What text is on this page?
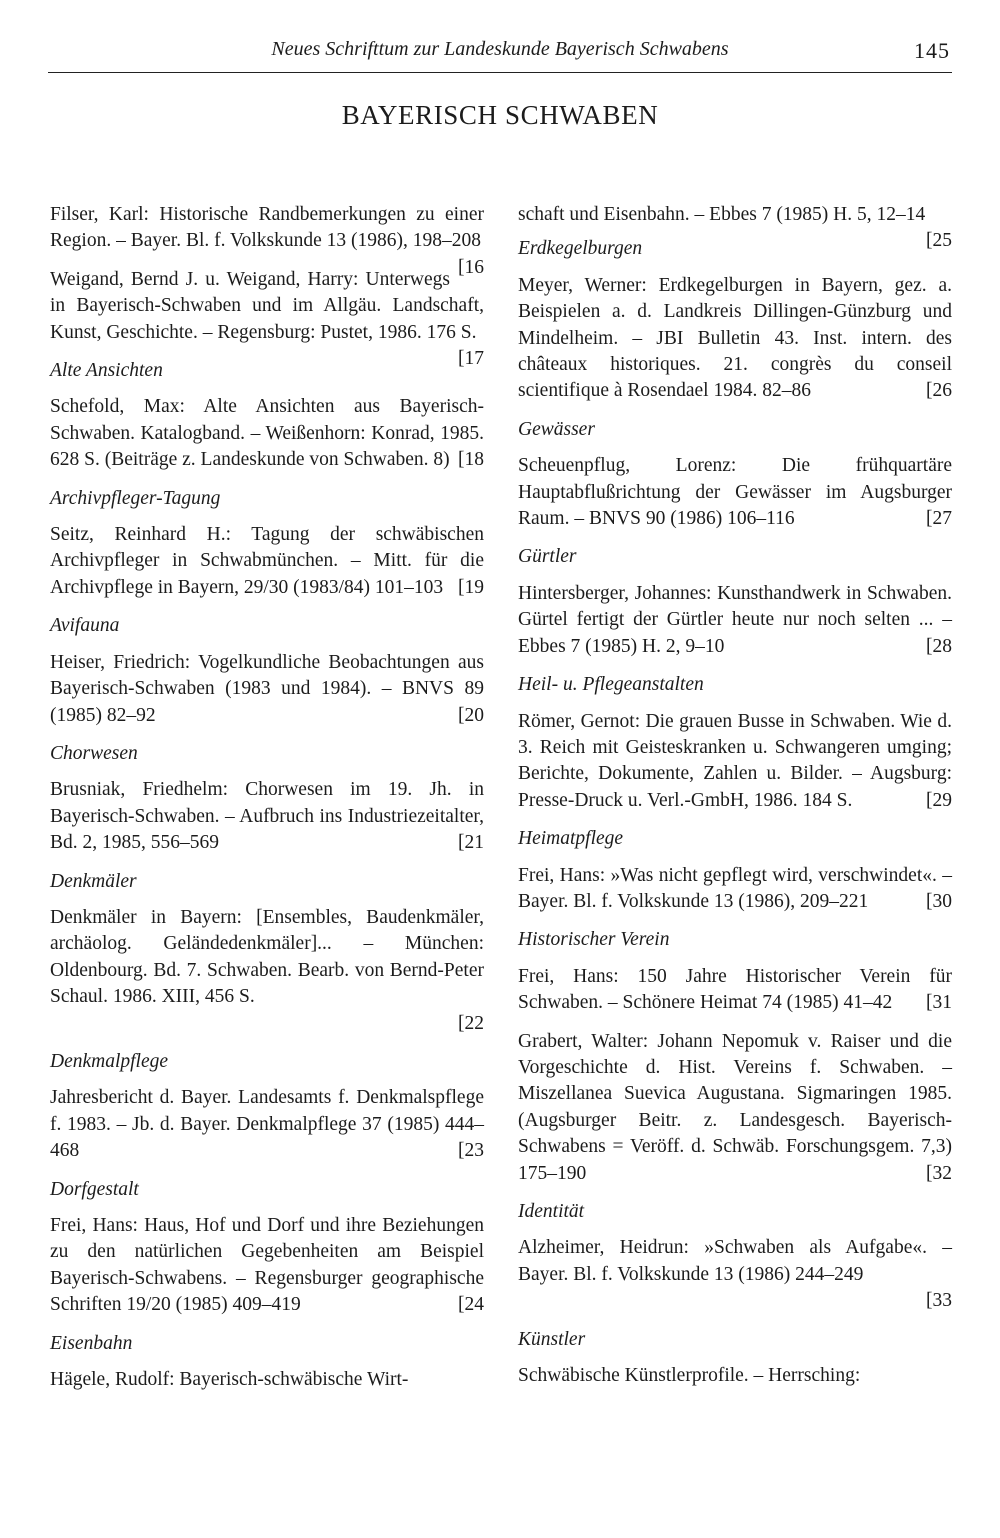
Neues Schrifttum zur Landeskunde Bayerisch Schwabens	145
BAYERISCH SCHWABEN
Filser, Karl: Historische Randbemerkungen zu einer Region. – Bayer. Bl. f. Volkskunde 13 (1986), 198–208
[ 16
Weigand, Bernd J. u. Weigand, Harry: Unterwegs in Bayerisch-Schwaben und im Allgäu. Landschaft, Kunst, Geschichte. – Regensburg: Pustet, 1986. 176 S.
[ 17
Alte Ansichten
Schefold, Max: Alte Ansichten aus Bayerisch-Schwaben. Katalogband. – Weißenhorn: Konrad, 1985. 628 S. (Beiträge z. Landeskunde von Schwaben. 8) [ 18
Archivpfleger-Tagung
Seitz, Reinhard H.: Tagung der schwäbischen Archivpfleger in Schwabmünchen. – Mitt. für die Archivpflege in Bayern, 29/30 (1983/84) 101–103	[ 19
Avifauna
Heiser, Friedrich: Vogelkundliche Beobachtungen aus Bayerisch-Schwaben (1983 und 1984). – BNVS 89 (1985) 82–92	[ 20
Chorwesen
Brusniak, Friedhelm: Chorwesen im 19. Jh. in Bayerisch-Schwaben. – Aufbruch ins Industriezeitalter, Bd. 2, 1985, 556–569	[ 21
Denkmäler
Denkmäler in Bayern: [Ensembles, Baudenkmäler, archäolog. Geländedenkmäler]... – München: Oldenbourg. Bd. 7. Schwaben. Bearb. von Bernd-Peter Schaul. 1986. XIII, 456 S.
[ 22
Denkmalpflege
Jahresbericht d. Bayer. Landesamts f. Denkmalspflege f. 1983. – Jb. d. Bayer. Denkmalpflege 37 (1985) 444–468	[ 23
Dorfgestalt
Frei, Hans: Haus, Hof und Dorf und ihre Beziehungen zu den natürlichen Gegebenheiten am Beispiel Bayerisch-Schwabens. – Regensburger geographische Schriften 19/20 (1985) 409–419	[ 24
Eisenbahn
Hägele, Rudolf: Bayerisch-schwäbische Wirt-
schaft und Eisenbahn. – Ebbes 7 (1985) H. 5, 12–14
[ 25
Erdkegelburgen
Meyer, Werner: Erdkegelburgen in Bayern, gez. a. Beispielen a. d. Landkreis Dillingen-Günzburg und Mindelheim. – JBI Bulletin 43. Inst. intern. des châteaux historiques. 21. congrès du conseil scientifique à Rosendael 1984. 82–86	[ 26
Gewässer
Scheuenpflug, Lorenz: Die frühquartäre Hauptabflußrichtung der Gewässer im Augsburger Raum. – BNVS 90 (1986) 106–116	[ 27
Gürtler
Hintersberger, Johannes: Kunsthandwerk in Schwaben. Gürtel fertigt der Gürtler heute nur noch selten ... – Ebbes 7 (1985) H. 2, 9–10	[ 28
Heil- u. Pflegeanstalten
Römer, Gernot: Die grauen Busse in Schwaben. Wie d. 3. Reich mit Geisteskranken u. Schwangeren umging; Berichte, Dokumente, Zahlen u. Bilder. – Augsburg: Presse-Druck u. Verl.-GmbH, 1986. 184 S.	[ 29
Heimatpflege
Frei, Hans: »Was nicht gepflegt wird, verschwindet«. – Bayer. Bl. f. Volkskunde 13 (1986), 209–221	[ 30
Historischer Verein
Frei, Hans: 150 Jahre Historischer Verein für Schwaben. – Schönere Heimat 74 (1985) 41–42	[ 31
Grabert, Walter: Johann Nepomuk v. Raiser und die Vorgeschichte d. Hist. Vereins f. Schwaben. – Miszellanea Suevica Augustana. Sigmaringen 1985. (Augsburger Beitr. z. Landesgesch. Bayerisch-Schwabens = Veröff. d. Schwäb. Forschungsgem. 7,3) 175–190	[ 32
Identität
Alzheimer, Heidrun: »Schwaben als Aufgabe«. – Bayer. Bl. f. Volkskunde 13 (1986) 244–249
[ 33
Künstler
Schwäbische Künstlerprofile. – Herrsching:
